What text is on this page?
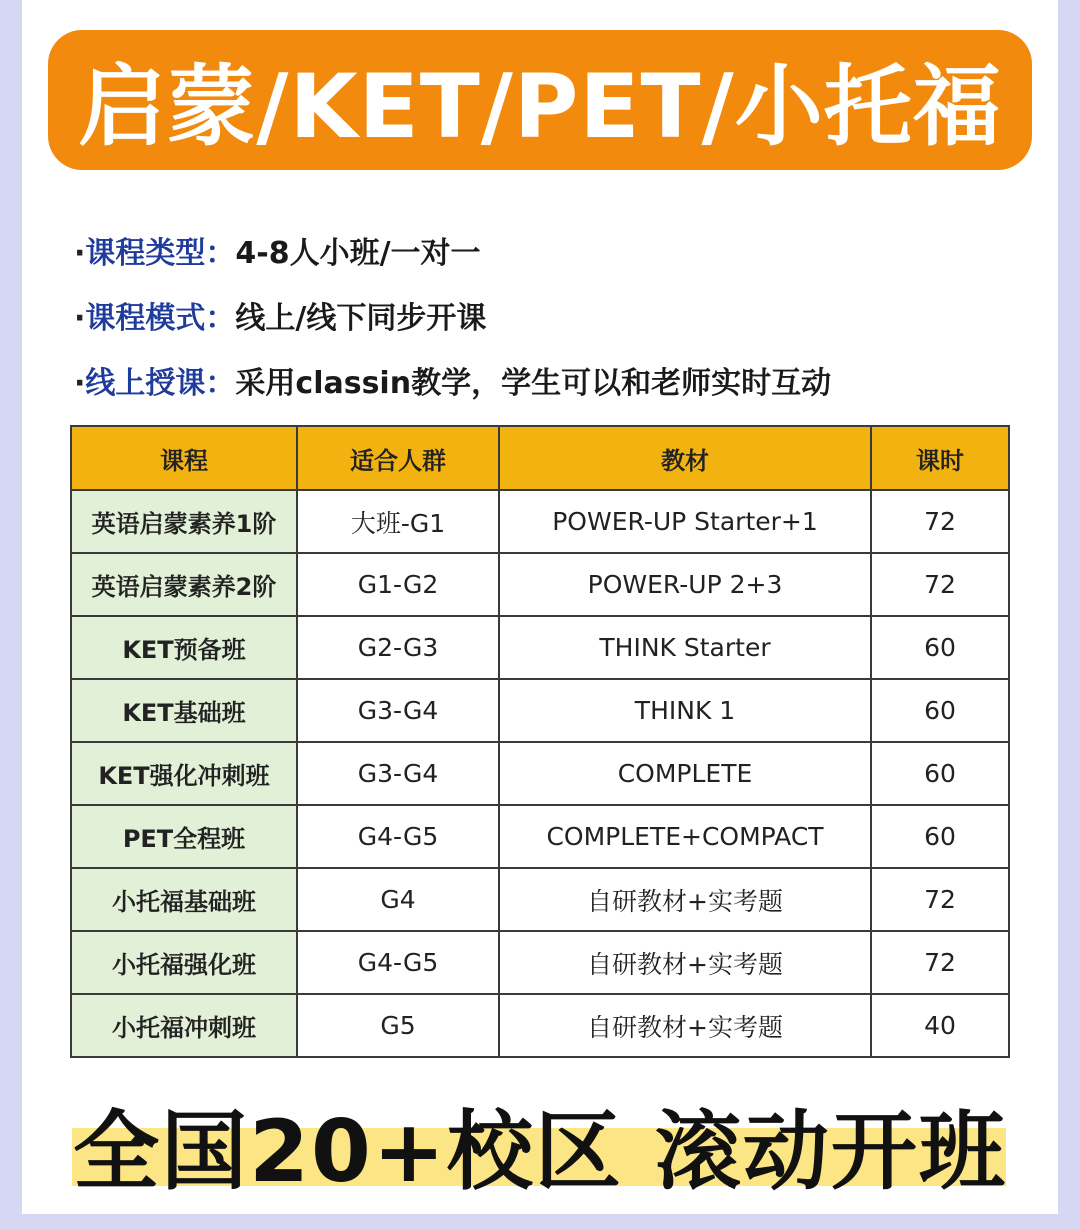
启蒙/KET/PET/小托福
·课程类型：4-8人小班/一对一
·课程模式：线上/线下同步开课
·线上授课：采用classin教学，学生可以和老师实时互动
课程	适合人群	教材	课时
英语启蒙素养1阶	大班-G1	POWER-UP Starter+1	72
英语启蒙素养2阶	G1-G2	POWER-UP 2+3	72
KET预备班	G2-G3	THINK Starter	60
KET基础班	G3-G4	THINK 1	60
KET强化冲刺班	G3-G4	COMPLETE	60
PET全程班	G4-G5	COMPLETE+COMPACT	60
小托福基础班	G4	自研教材+实考题	72
小托福强化班	G4-G5	自研教材+实考题	72
小托福冲刺班	G5	自研教材+实考题	40
全国20+校区 滚动开班
